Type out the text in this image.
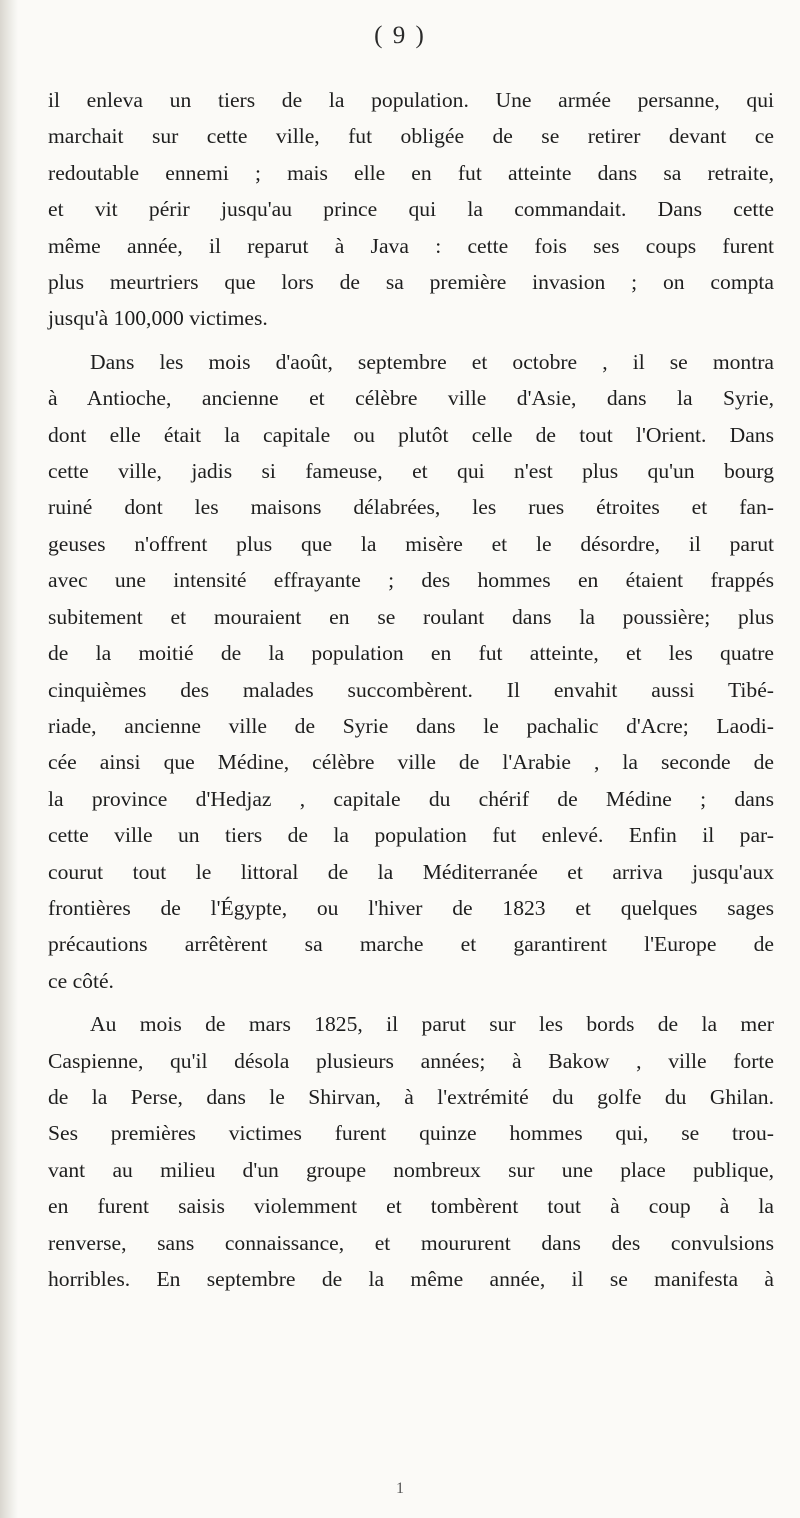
( 9 )

il enleva un tiers de la population. Une armée persanne, qui
marchait sur cette ville, fut obligée de se retirer devant ce
redoutable ennemi ; mais elle en fut atteinte dans sa retraite,
et vit périr jusqu'au prince qui la commandait. Dans cette
même année, il reparut à Java : cette fois ses coups furent
plus meurtriers que lors de sa première invasion ; on compta
jusqu'à 100,000 victimes.

Dans les mois d'août, septembre et octobre , il se montra
à Antioche, ancienne et célèbre ville d'Asie, dans la Syrie,
dont elle était la capitale ou plutôt celle de tout l'Orient. Dans
cette ville, jadis si fameuse, et qui n'est plus qu'un bourg
ruiné dont les maisons délabrées, les rues étroites et fan-
geuses n'offrent plus que la misère et le désordre, il parut
avec une intensité effrayante ; des hommes en étaient frappés
subitement et mouraient en se roulant dans la poussière; plus
de la moitié de la population en fut atteinte, et les quatre
cinquièmes des malades succombèrent. Il envahit aussi Tibé-
riade, ancienne ville de Syrie dans le pachalic d'Acre; Laodi-
cée ainsi que Médine, célèbre ville de l'Arabie , la seconde de
la province d'Hedjaz , capitale du chérif de Médine ; dans
cette ville un tiers de la population fut enlevé. Enfin il par-
courut tout le littoral de la Méditerranée et arriva jusqu'aux
frontières de l'Égypte, ou l'hiver de 1823 et quelques sages
précautions arrêtèrent sa marche et garantirent l'Europe de
ce côté.

Au mois de mars 1825, il parut sur les bords de la mer
Caspienne, qu'il désola plusieurs années; à Bakow , ville forte
de la Perse, dans le Shirvan, à l'extrémité du golfe du Ghilan.
Ses premières victimes furent quinze hommes qui, se trou-
vant au milieu d'un groupe nombreux sur une place publique,
en furent saisis violemment et tombèrent tout à coup à la
renverse, sans connaissance, et moururent dans des convulsions
horribles. En septembre de la même année, il se manifesta à

1
